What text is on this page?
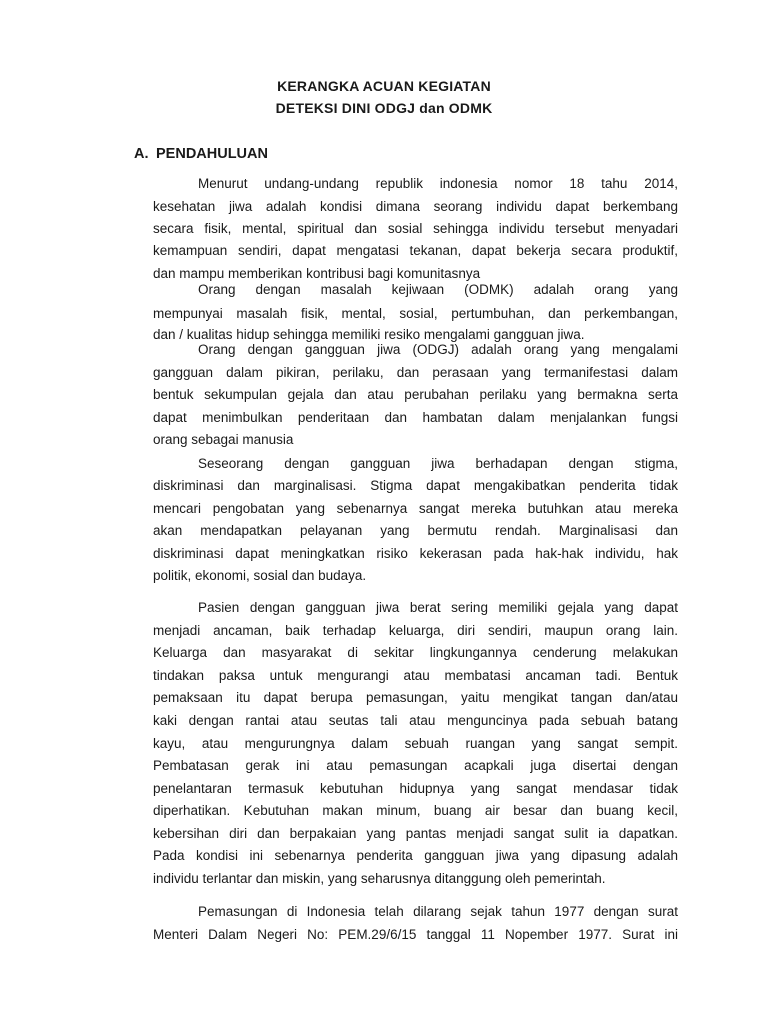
KERANGKA ACUAN KEGIATAN
DETEKSI DINI ODGJ dan ODMK
A. PENDAHULUAN
Menurut undang-undang republik indonesia nomor 18 tahu 2014,
kesehatan jiwa adalah kondisi dimana seorang individu dapat berkembang
secara fisik, mental, spiritual dan sosial sehingga individu tersebut menyadari
kemampuan sendiri, dapat mengatasi tekanan, dapat bekerja secara produktif,
dan mampu memberikan kontribusi bagi komunitasnya
Orang dengan masalah kejiwaan (ODMK) adalah orang yang
mempunyai masalah fisik, mental, sosial, pertumbuhan, dan perkembangan,
dan / kualitas hidup sehingga memiliki resiko mengalami gangguan jiwa.
Orang dengan gangguan jiwa (ODGJ) adalah orang yang mengalami
gangguan dalam pikiran, perilaku, dan perasaan yang termanifestasi dalam
bentuk sekumpulan gejala dan atau perubahan perilaku yang bermakna serta
dapat menimbulkan penderitaan dan hambatan dalam menjalankan fungsi
orang sebagai manusia
Seseorang dengan gangguan jiwa berhadapan dengan stigma,
diskriminasi dan marginalisasi. Stigma dapat mengakibatkan penderita tidak
mencari pengobatan yang sebenarnya sangat mereka butuhkan atau mereka
akan mendapatkan pelayanan yang bermutu rendah. Marginalisasi dan
diskriminasi dapat meningkatkan risiko kekerasan pada hak-hak individu, hak
politik, ekonomi, sosial dan budaya.
Pasien dengan gangguan jiwa berat sering memiliki gejala yang dapat
menjadi ancaman, baik terhadap keluarga, diri sendiri, maupun orang lain.
Keluarga dan masyarakat di sekitar lingkungannya cenderung melakukan
tindakan paksa untuk mengurangi atau membatasi ancaman tadi. Bentuk
pemaksaan itu dapat berupa pemasungan, yaitu mengikat tangan dan/atau
kaki dengan rantai atau seutas tali atau menguncinya pada sebuah batang
kayu, atau mengurungnya dalam sebuah ruangan yang sangat sempit.
Pembatasan gerak ini atau pemasungan acapkali juga disertai dengan
penelantaran termasuk kebutuhan hidupnya yang sangat mendasar tidak
diperhatikan. Kebutuhan makan minum, buang air besar dan buang kecil,
kebersihan diri dan berpakaian yang pantas menjadi sangat sulit ia dapatkan.
Pada kondisi ini sebenarnya penderita gangguan jiwa yang dipasung adalah
individu terlantar dan miskin, yang seharusnya ditanggung oleh pemerintah.
Pemasungan di Indonesia telah dilarang sejak tahun 1977 dengan surat
Menteri Dalam Negeri No: PEM.29/6/15 tanggal 11 Nopember 1977. Surat ini
